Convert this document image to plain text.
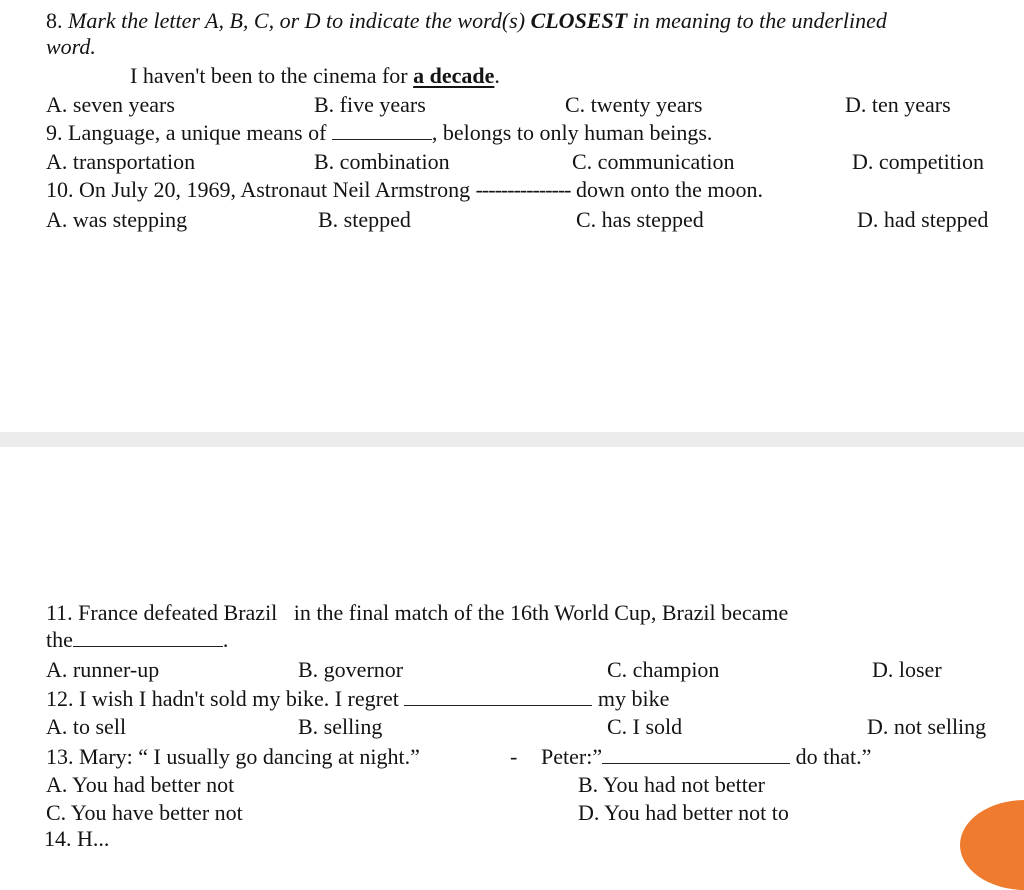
8. Mark the letter A, B, C, or D to indicate the word(s) CLOSEST in meaning to the underlined
word.
I haven't been to the cinema for a decade.
A. seven years	B. five years	C. twenty years	D. ten years
9. Language, a unique means of	, belongs to only human beings.
A. transportation	B. combination	C. communication	D. competition
10. On July 20, 1969, Astronaut Neil Armstrong --------------- down onto the moon.
A. was stepping	B. stepped	C. has stepped	D. had stepped
11. France defeated Brazil   in the final match of the 16th World Cup, Brazil became
the	.
A. runner-up	B. governor	C. champion	D. loser
12. I wish I hadn't sold my bike. I regret	my bike
A. to sell	B. selling	C. I sold	D. not selling
13. Mary: “ I usually go dancing at night.”	- Peter:”	do that.”
A. You had better not	B. You had not better
C. You have better not	D. You had better not to
14. H...
